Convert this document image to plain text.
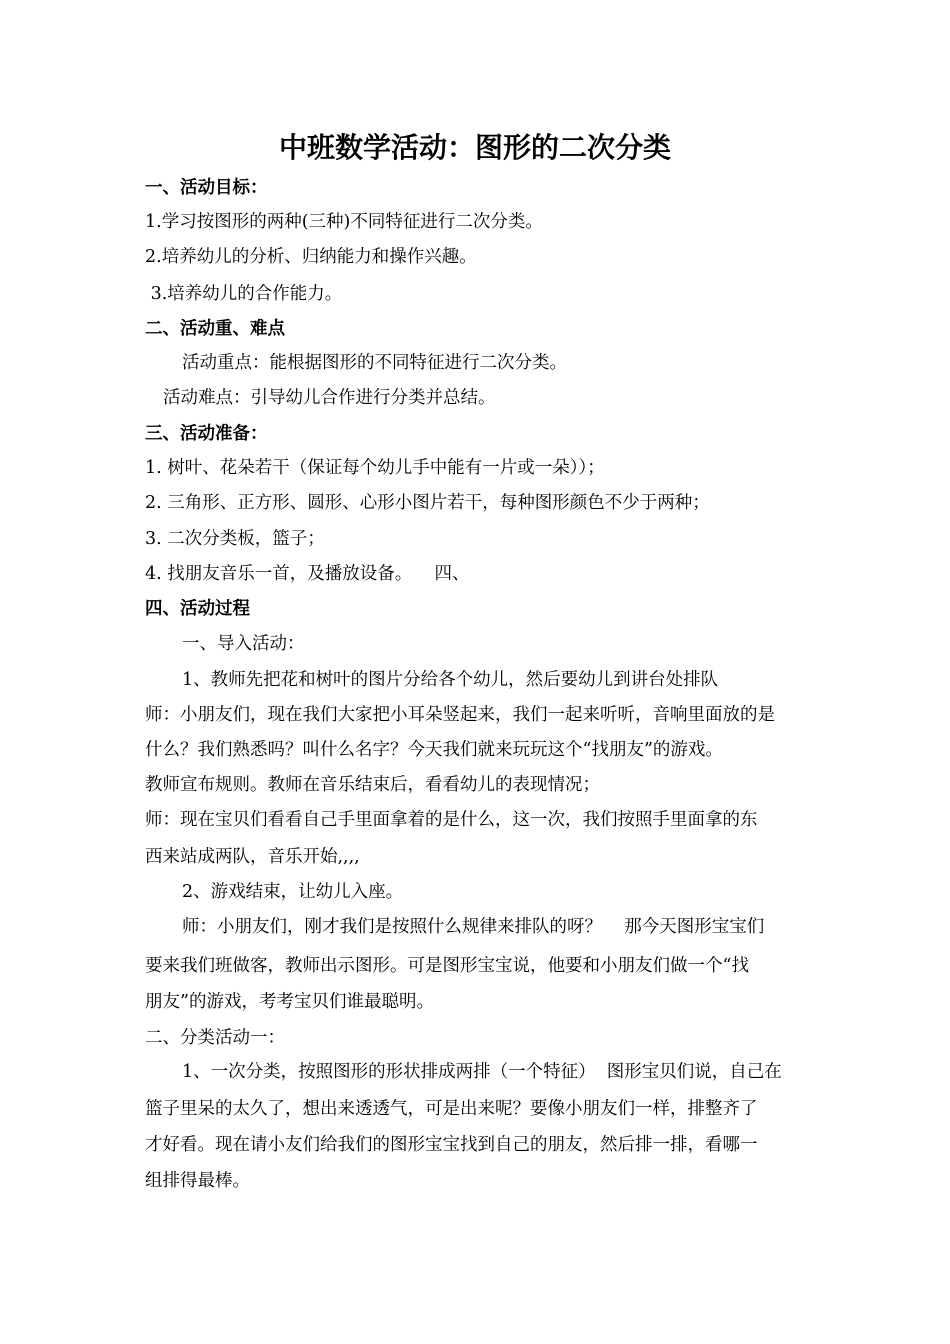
中班数学活动：图形的二次分类
一、活动目标：
1.学习按图形的两种(三种)不同特征进行二次分类。
2.培养幼儿的分析、归纳能力和操作兴趣。
3.培养幼儿的合作能力。
二、活动重、难点
活动重点：能根据图形的不同特征进行二次分类。
活动难点：引导幼儿合作进行分类并总结。
三、活动准备：
1. 树叶、花朵若干（保证每个幼儿手中能有一片或一朵））；
2. 三角形、正方形、圆形、心形小图片若干，每种图形颜色不少于两种；
3. 二次分类板，篮子；
4. 找朋友音乐一首，及播放设备。    四、
四、活动过程
一、导入活动：
1、教师先把花和树叶的图片分给各个幼儿，然后要幼儿到讲台处排队
师：小朋友们，现在我们大家把小耳朵竖起来，我们一起来听听，音响里面放的是
什么？我们熟悉吗？叫什么名字？今天我们就来玩玩这个“找朋友”的游戏。
教师宣布规则。教师在音乐结束后，看看幼儿的表现情况；
师：现在宝贝们看看自己手里面拿着的是什么，这一次，我们按照手里面拿的东
西来站成两队，音乐开始,,,,
2、游戏结束，让幼儿入座。
师：小朋友们，刚才我们是按照什么规律来排队的呀？    那今天图形宝宝们
要来我们班做客，教师出示图形。可是图形宝宝说，他要和小朋友们做一个“找
朋友”的游戏，考考宝贝们谁最聪明。
二、分类活动一：
1、一次分类，按照图形的形状排成两排（一个特征）  图形宝贝们说，自己在
篮子里呆的太久了，想出来透透气，可是出来呢？要像小朋友们一样，排整齐了
才好看。现在请小友们给我们的图形宝宝找到自己的朋友，然后排一排，看哪一
组排得最棒。
